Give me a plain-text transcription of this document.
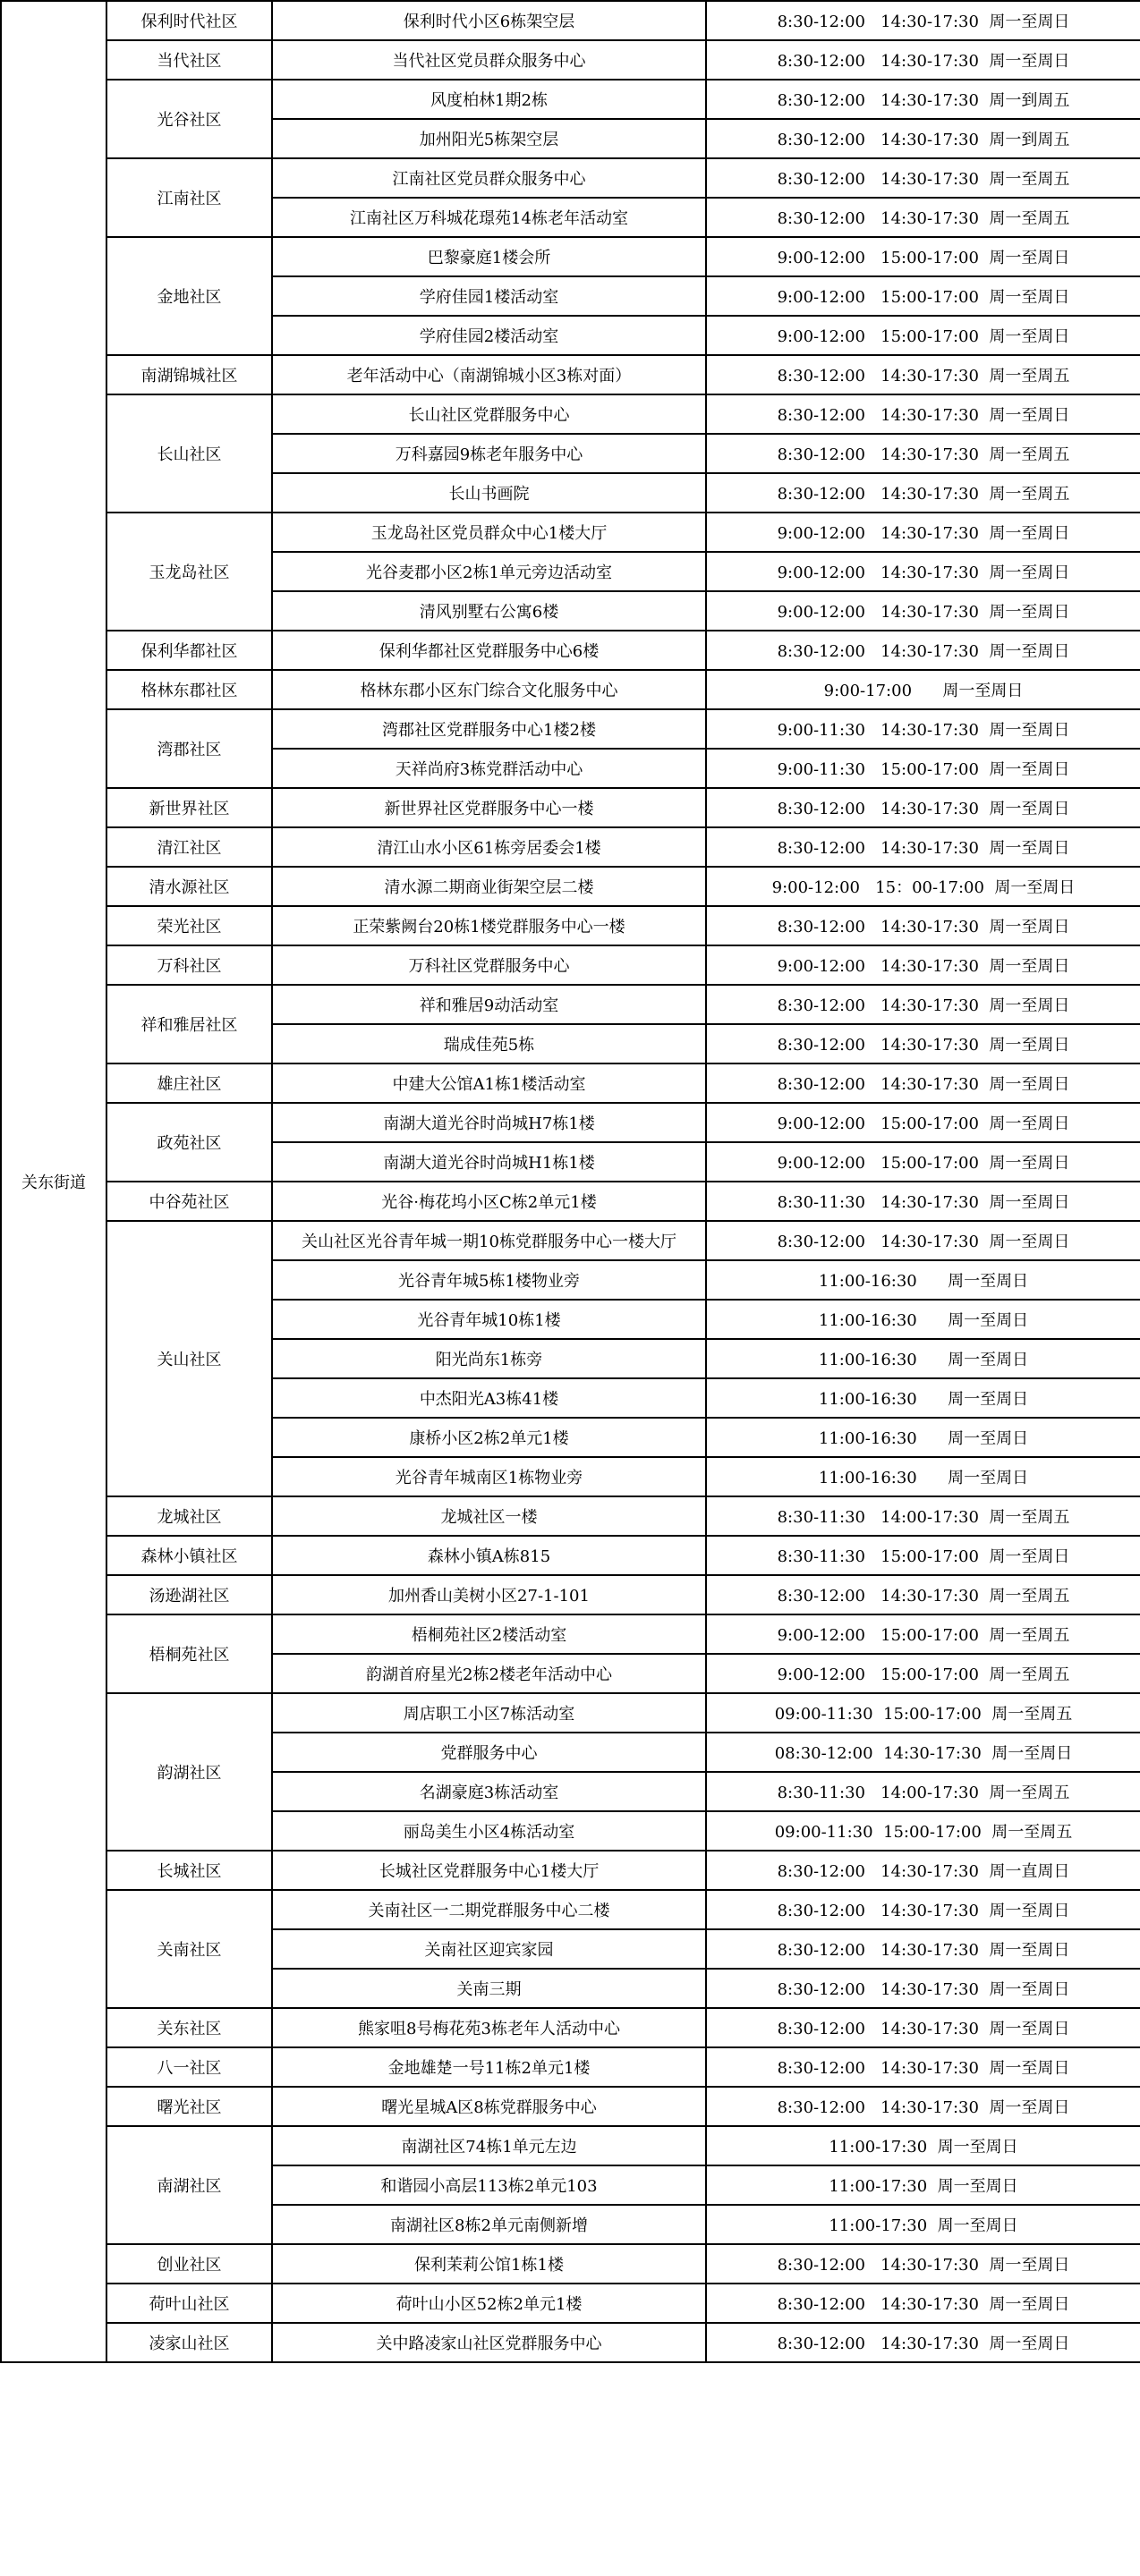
关东街道	保利时代社区	保利时代小区6栋架空层	8:30-12:00   14:30-17:30  周一至周日
	当代社区	当代社区党员群众服务中心	8:30-12:00   14:30-17:30  周一至周日
	光谷社区	风度柏林1期2栋	8:30-12:00   14:30-17:30  周一到周五
		加州阳光5栋架空层	8:30-12:00   14:30-17:30  周一到周五
	江南社区	江南社区党员群众服务中心	8:30-12:00   14:30-17:30  周一至周五
		江南社区万科城花璟苑14栋老年活动室	8:30-12:00   14:30-17:30  周一至周五
	金地社区	巴黎豪庭1楼会所	9:00-12:00   15:00-17:00  周一至周日
		学府佳园1楼活动室	9:00-12:00   15:00-17:00  周一至周日
		学府佳园2楼活动室	9:00-12:00   15:00-17:00  周一至周日
	南湖锦城社区	老年活动中心（南湖锦城小区3栋对面）	8:30-12:00   14:30-17:30  周一至周五
	长山社区	长山社区党群服务中心	8:30-12:00   14:30-17:30  周一至周日
		万科嘉园9栋老年服务中心	8:30-12:00   14:30-17:30  周一至周五
		长山书画院	8:30-12:00   14:30-17:30  周一至周五
	玉龙岛社区	玉龙岛社区党员群众中心1楼大厅	9:00-12:00   14:30-17:30  周一至周日
		光谷麦郡小区2栋1单元旁边活动室	9:00-12:00   14:30-17:30  周一至周日
		清风别墅右公寓6楼	9:00-12:00   14:30-17:30  周一至周日
	保利华都社区	保利华都社区党群服务中心6楼	8:30-12:00   14:30-17:30  周一至周日
	格林东郡社区	格林东郡小区东门综合文化服务中心	9:00-17:00      周一至周日
	湾郡社区	湾郡社区党群服务中心1楼2楼	9:00-11:30   14:30-17:30  周一至周日
		天祥尚府3栋党群活动中心	9:00-11:30   15:00-17:00  周一至周日
	新世界社区	新世界社区党群服务中心一楼	8:30-12:00   14:30-17:30  周一至周日
	清江社区	清江山水小区61栋旁居委会1楼	8:30-12:00   14:30-17:30  周一至周日
	清水源社区	清水源二期商业街架空层二楼	9:00-12:00   15：00-17:00  周一至周日
	荣光社区	正荣紫阙台20栋1楼党群服务中心一楼	8:30-12:00   14:30-17:30  周一至周日
	万科社区	万科社区党群服务中心	9:00-12:00   14:30-17:30  周一至周日
	祥和雅居社区	祥和雅居9动活动室	8:30-12:00   14:30-17:30  周一至周日
		瑞成佳苑5栋	8:30-12:00   14:30-17:30  周一至周日
	雄庄社区	中建大公馆A1栋1楼活动室	8:30-12:00   14:30-17:30  周一至周日
	政苑社区	南湖大道光谷时尚城H7栋1楼	9:00-12:00   15:00-17:00  周一至周日
		南湖大道光谷时尚城H1栋1楼	9:00-12:00   15:00-17:00  周一至周日
	中谷苑社区	光谷·梅花坞小区C栋2单元1楼	8:30-11:30   14:30-17:30  周一至周日
	关山社区	关山社区光谷青年城一期10栋党群服务中心一楼大厅	8:30-12:00   14:30-17:30  周一至周日
		光谷青年城5栋1楼物业旁	11:00-16:30      周一至周日
		光谷青年城10栋1楼	11:00-16:30      周一至周日
		阳光尚东1栋旁	11:00-16:30      周一至周日
		中杰阳光A3栋41楼	11:00-16:30      周一至周日
		康桥小区2栋2单元1楼	11:00-16:30      周一至周日
		光谷青年城南区1栋物业旁	11:00-16:30      周一至周日
	龙城社区	龙城社区一楼	8:30-11:30   14:00-17:30  周一至周五
	森林小镇社区	森林小镇A栋815	8:30-11:30   15:00-17:00  周一至周日
	汤逊湖社区	加州香山美树小区27-1-101	8:30-12:00   14:30-17:30  周一至周五
	梧桐苑社区	梧桐苑社区2楼活动室	9:00-12:00   15:00-17:00  周一至周五
		韵湖首府星光2栋2楼老年活动中心	9:00-12:00   15:00-17:00  周一至周五
	韵湖社区	周店职工小区7栋活动室	09:00-11:30  15:00-17:00  周一至周五
		党群服务中心	08:30-12:00  14:30-17:30  周一至周日
		名湖豪庭3栋活动室	8:30-11:30   14:00-17:30  周一至周五
		丽岛美生小区4栋活动室	09:00-11:30  15:00-17:00  周一至周五
	长城社区	长城社区党群服务中心1楼大厅	8:30-12:00   14:30-17:30  周一直周日
	关南社区	关南社区一二期党群服务中心二楼	8:30-12:00   14:30-17:30  周一至周日
		关南社区迎宾家园	8:30-12:00   14:30-17:30  周一至周日
		关南三期	8:30-12:00   14:30-17:30  周一至周日
	关东社区	熊家咀8号梅花苑3栋老年人活动中心	8:30-12:00   14:30-17:30  周一至周日
	八一社区	金地雄楚一号11栋2单元1楼	8:30-12:00   14:30-17:30  周一至周日
	曙光社区	曙光星城A区8栋党群服务中心	8:30-12:00   14:30-17:30  周一至周日
	南湖社区	南湖社区74栋1单元左边	11:00-17:30  周一至周日
		和谐园小高层113栋2单元103	11:00-17:30  周一至周日
		南湖社区8栋2单元南侧新增	11:00-17:30  周一至周日
	创业社区	保利茉莉公馆1栋1楼	8:30-12:00   14:30-17:30  周一至周日
	荷叶山社区	荷叶山小区52栋2单元1楼	8:30-12:00   14:30-17:30  周一至周日
	凌家山社区	关中路凌家山社区党群服务中心	8:30-12:00   14:30-17:30  周一至周日
